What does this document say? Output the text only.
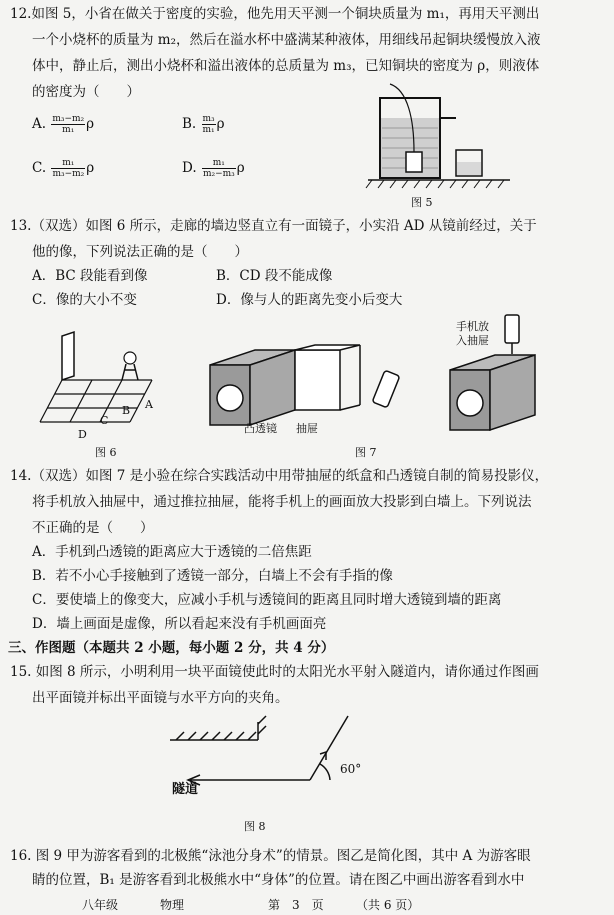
12.如图 5，小省在做关于密度的实验，他先用天平测一个铜块质量为 m₁，再用天平测出
一个小烧杯的质量为 m₂，然后在溢水杯中盛满某种液体，用细线吊起铜块缓慢放入液
体中，静止后，测出小烧杯和溢出液体的总质量为 m₃，已知铜块的密度为 ρ，则液体
的密度为（　　）
A. $\frac{\text{m₃−m₂}}{\text{m₁}}$ ρ	B. $\frac{\text{m₃}}{\text{m₁}}$ ρ
C. $\frac{\text{m₁}}{\text{m₃−m₂}}$ ρ	D. $\frac{\text{m₁}}{\text{m₂−m₃}}$ ρ
图 5
13.（双选）如图 6 所示，走廊的墙边竖直立有一面镜子，小实沿 AD 从镜前经过，关于
他的像，下列说法正确的是（　　）
A．BC 段能看到像	B．CD 段不能成像
C．像的大小不变	D．像与人的距离先变小后变大
A
B
C
D
图 6
凸透镜 抽屉
手机放
入抽屉
图 7
14.（双选）如图 7 是小验在综合实践活动中用带抽屉的纸盒和凸透镜自制的简易投影仪，
将手机放入抽屉中，通过推拉抽屉，能将手机上的画面放大投影到白墙上。下列说法
不正确的是（　　）
A．手机到凸透镜的距离应大于透镜的二倍焦距
B．若不小心手接触到了透镜一部分，白墙上不会有手指的像
C．要使墙上的像变大，应减小手机与透镜间的距离且同时增大透镜到墙的距离
D．墙上画面是虚像，所以看起来没有手机画面亮
三、作图题（本题共 2 小题，每小题 2 分，共 4 分）
15. 如图 8 所示，小明利用一块平面镜使此时的太阳光水平射入隧道内，请你通过作图画
出平面镜并标出平面镜与水平方向的夹角。
60°
隧道
图 8
16. 图 9 甲为游客看到的北极熊“泳池分身术”的情景。图乙是简化图，其中 A 为游客眼
睛的位置，B₁ 是游客看到北极熊水中“身体”的位置。请在图乙中画出游客看到水中
八年级	物理	第　3　页	（共 6 页）
